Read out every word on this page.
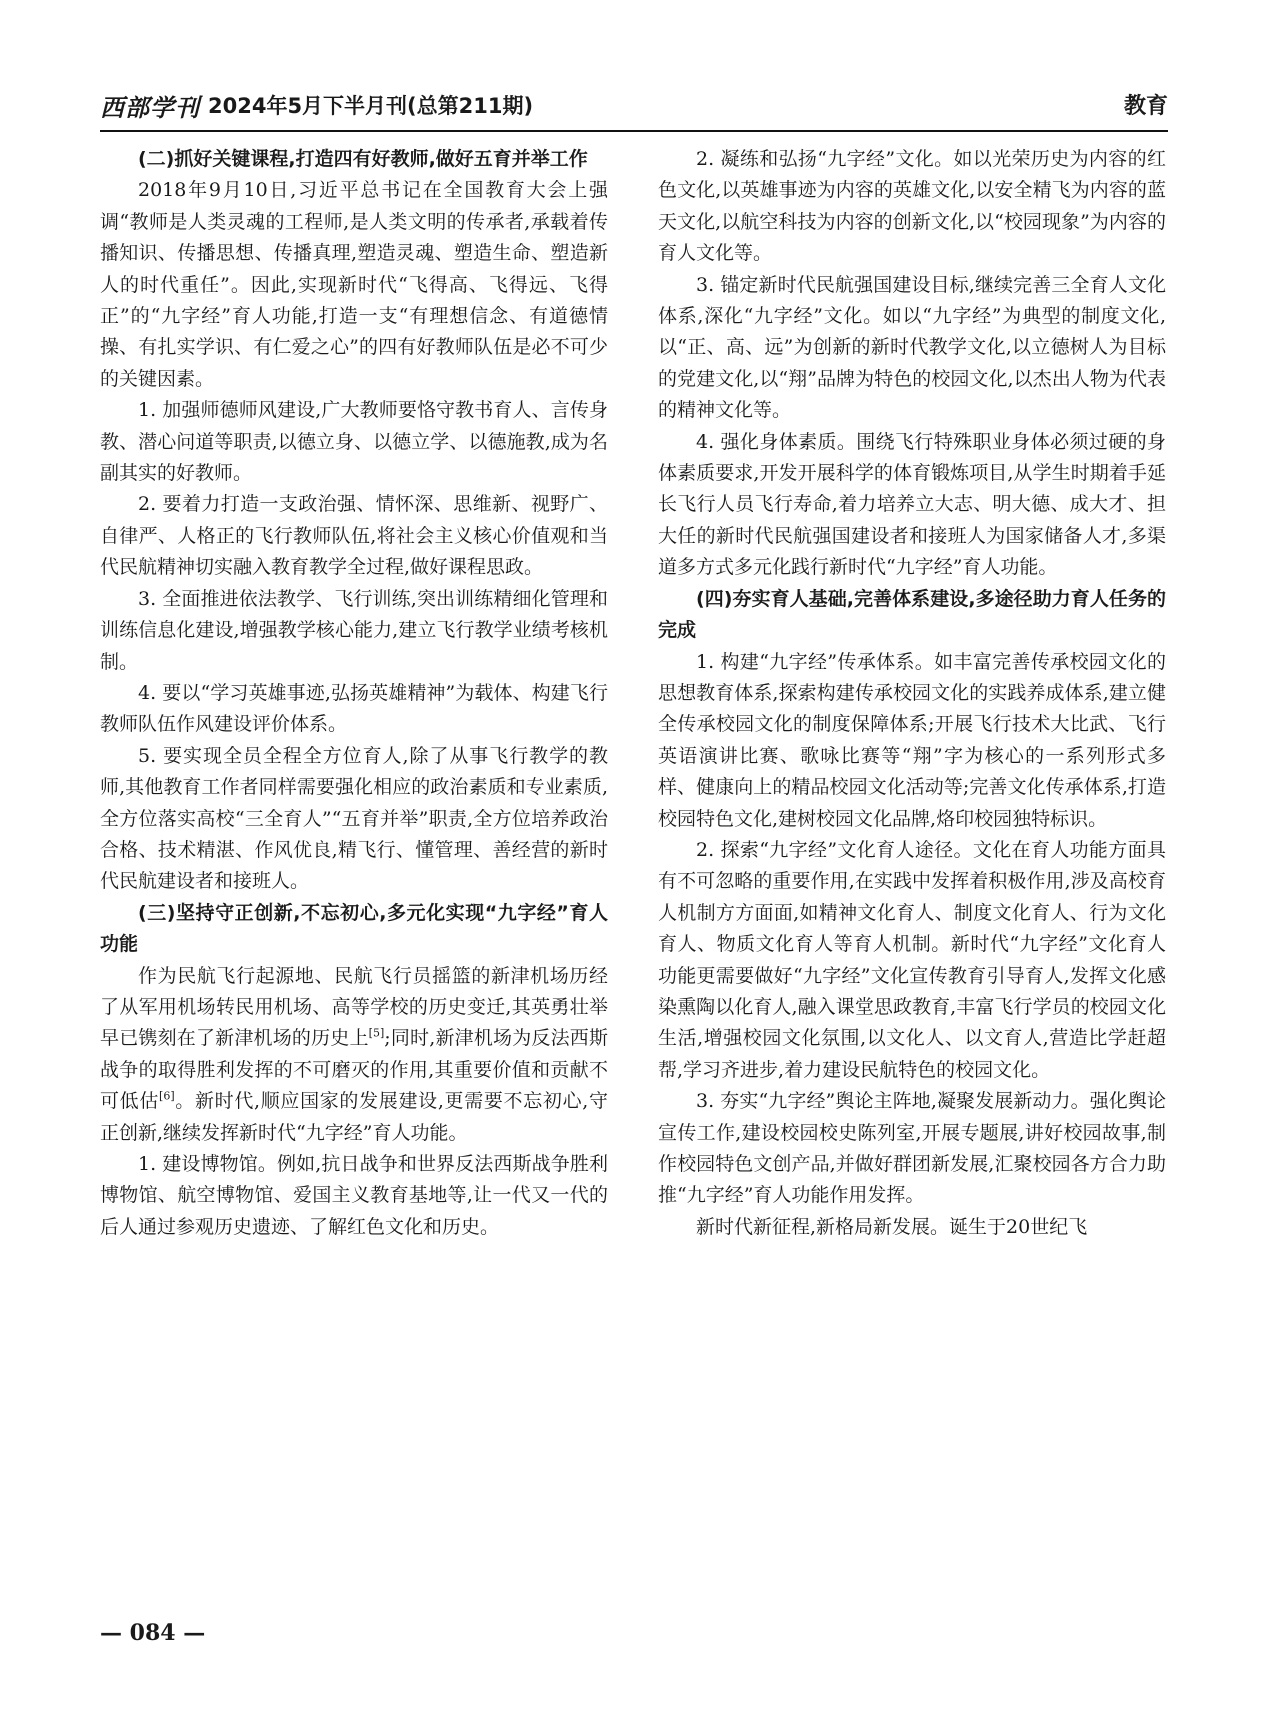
西部学刊 2024年5月下半月刊(总第211期)	教育
(二)抓好关键课程,打造四有好教师,做好五育并举工作

2018年9月10日,习近平总书记在全国教育大会上强调“教师是人类灵魂的工程师,是人类文明的传承者,承载着传播知识、传播思想、传播真理,塑造灵魂、塑造生命、塑造新人的时代重任”。因此,实现新时代“飞得高、飞得远、飞得正”的“九字经”育人功能,打造一支“有理想信念、有道德情操、有扎实学识、有仁爱之心”的四有好教师队伍是必不可少的关键因素。

1. 加强师德师风建设,广大教师要恪守教书育人、言传身教、潜心问道等职责,以德立身、以德立学、以德施教,成为名副其实的好教师。

2. 要着力打造一支政治强、情怀深、思维新、视野广、自律严、人格正的飞行教师队伍,将社会主义核心价值观和当代民航精神切实融入教育教学全过程,做好课程思政。

3. 全面推进依法教学、飞行训练,突出训练精细化管理和训练信息化建设,增强教学核心能力,建立飞行教学业绩考核机制。

4. 要以“学习英雄事迹,弘扬英雄精神”为载体、构建飞行教师队伍作风建设评价体系。

5. 要实现全员全程全方位育人,除了从事飞行教学的教师,其他教育工作者同样需要强化相应的政治素质和专业素质,全方位落实高校“三全育人”“五育并举”职责,全方位培养政治合格、技术精湛、作风优良,精飞行、懂管理、善经营的新时代民航建设者和接班人。

(三)坚持守正创新,不忘初心,多元化实现“九字经”育人功能

作为民航飞行起源地、民航飞行员摇篮的新津机场历经了从军用机场转民用机场、高等学校的历史变迁,其英勇壮举早已镌刻在了新津机场的历史上[5];同时,新津机场为反法西斯战争的取得胜利发挥的不可磨灭的作用,其重要价值和贡献不可低估[6]。新时代,顺应国家的发展建设,更需要不忘初心,守正创新,继续发挥新时代“九字经”育人功能。

1. 建设博物馆。例如,抗日战争和世界反法西斯战争胜利博物馆、航空博物馆、爱国主义教育基地等,让一代又一代的后人通过参观历史遗迹、了解红色文化和历史。

2. 凝练和弘扬“九字经”文化。如以光荣历史为内容的红色文化,以英雄事迹为内容的英雄文化,以安全精飞为内容的蓝天文化,以航空科技为内容的创新文化,以“校园现象”为内容的育人文化等。

3. 锚定新时代民航强国建设目标,继续完善三全育人文化体系,深化“九字经”文化。如以“九字经”为典型的制度文化,以“正、高、远”为创新的新时代教学文化,以立德树人为目标的党建文化,以“翔”品牌为特色的校园文化,以杰出人物为代表的精神文化等。

4. 强化身体素质。围绕飞行特殊职业身体必须过硬的身体素质要求,开发开展科学的体育锻炼项目,从学生时期着手延长飞行人员飞行寿命,着力培养立大志、明大德、成大才、担大任的新时代民航强国建设者和接班人为国家储备人才,多渠道多方式多元化践行新时代“九字经”育人功能。

(四)夯实育人基础,完善体系建设,多途径助力育人任务的完成

1. 构建“九字经”传承体系。如丰富完善传承校园文化的思想教育体系,探索构建传承校园文化的实践养成体系,建立健全传承校园文化的制度保障体系;开展飞行技术大比武、飞行英语演讲比赛、歌咏比赛等“翔”字为核心的一系列形式多样、健康向上的精品校园文化活动等;完善文化传承体系,打造校园特色文化,建树校园文化品牌,烙印校园独特标识。

2. 探索“九字经”文化育人途径。文化在育人功能方面具有不可忽略的重要作用,在实践中发挥着积极作用,涉及高校育人机制方方面面,如精神文化育人、制度文化育人、行为文化育人、物质文化育人等育人机制。新时代“九字经”文化育人功能更需要做好“九字经”文化宣传教育引导育人,发挥文化感染熏陶以化育人,融入课堂思政教育,丰富飞行学员的校园文化生活,增强校园文化氛围,以文化人、以文育人,营造比学赶超帮,学习齐进步,着力建设民航特色的校园文化。

3. 夯实“九字经”舆论主阵地,凝聚发展新动力。强化舆论宣传工作,建设校园校史陈列室,开展专题展,讲好校园故事,制作校园特色文创产品,并做好群团新发展,汇聚校园各方合力助推“九字经”育人功能作用发挥。

新时代新征程,新格局新发展。诞生于20世纪飞

— 084 —
